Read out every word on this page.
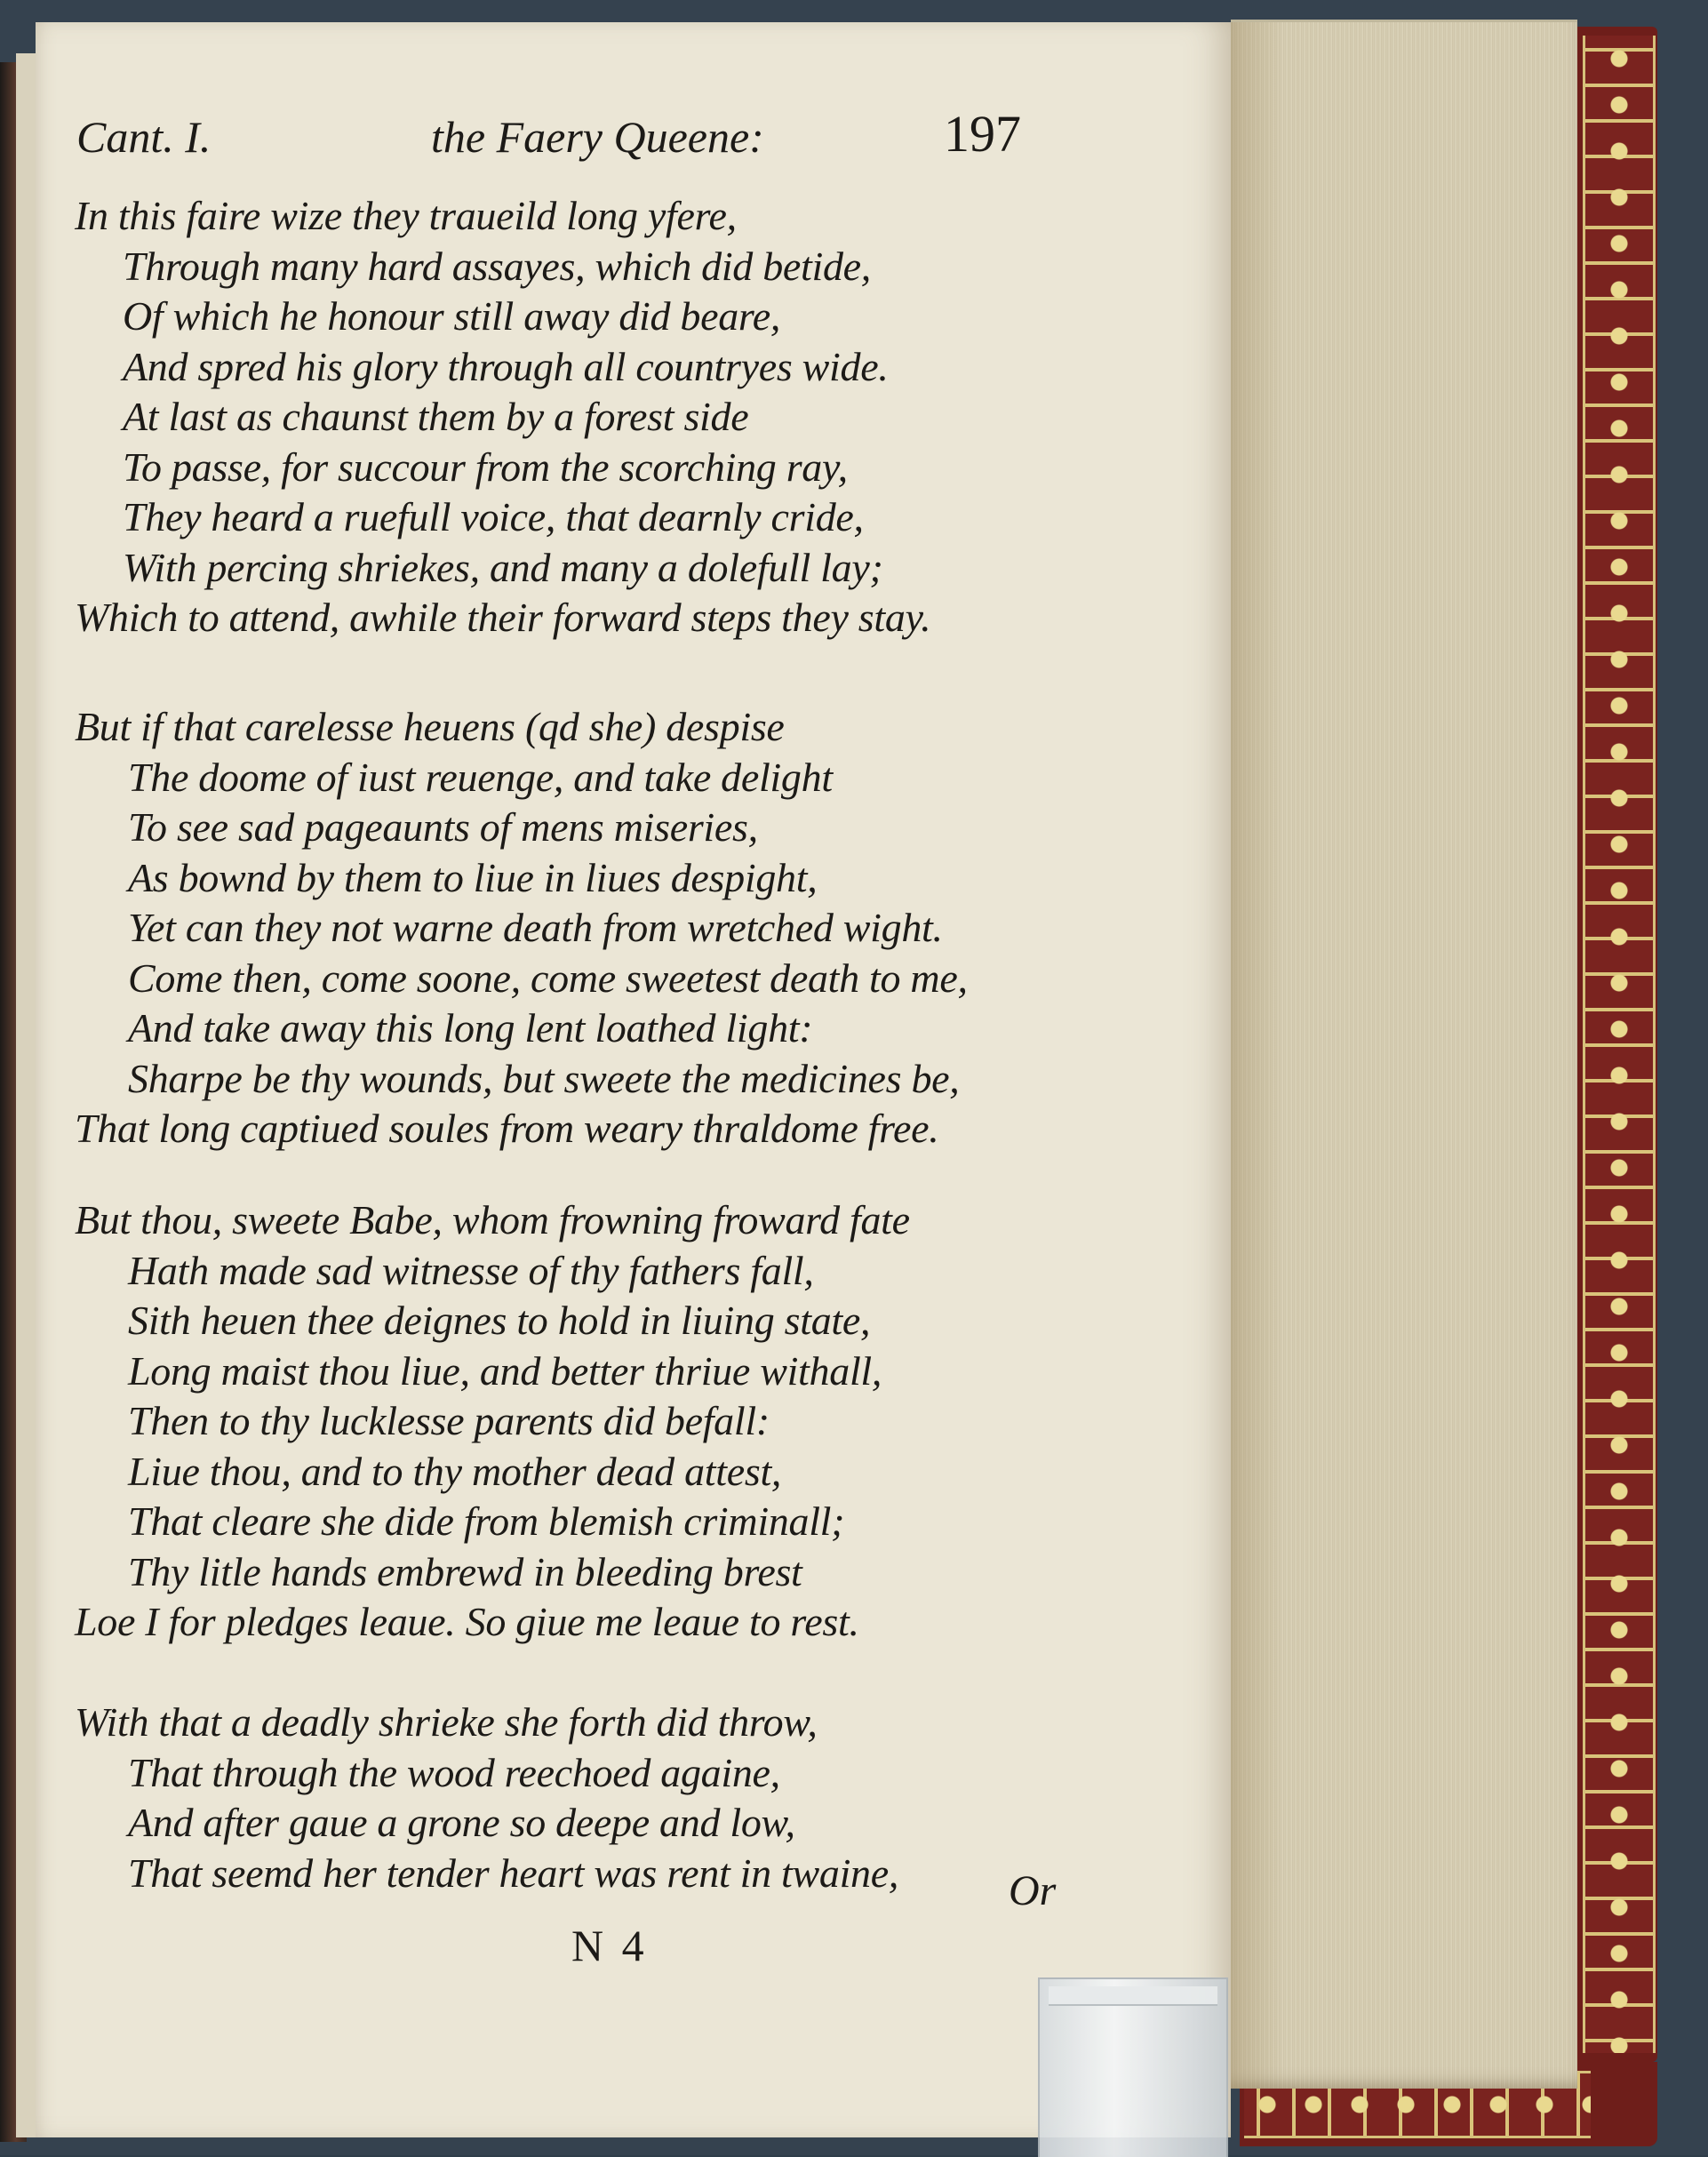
Cant. I.	the Faery Queene:	197
In this faire wize they traueild long yfere,
Through many hard assayes, which did betide,
Of which he honour still away did beare,
And spred his glory through all countryes wide.
At last as chaunst them by a forest side
To passe, for succour from the scorching ray,
They heard a ruefull voice, that dearnly cride,
With percing shriekes, and many a dolefull lay;
Which to attend, awhile their forward steps they stay.
But if that carelesse heuens (qd she) despise
The doome of iust reuenge, and take delight
To see sad pageaunts of mens miseries,
As bownd by them to liue in liues despight,
Yet can they not warne death from wretched wight.
Come then, come soone, come sweetest death to me,
And take away this long lent loathed light:
Sharpe be thy wounds, but sweete the medicines be,
That long captiued soules from weary thraldome free.
But thou, sweete Babe, whom frowning froward fate
Hath made sad witnesse of thy fathers fall,
Sith heuen thee deignes to hold in liuing state,
Long maist thou liue, and better thriue withall,
Then to thy lucklesse parents did befall:
Liue thou, and to thy mother dead attest,
That cleare she dide from blemish criminall;
Thy litle hands embrewd in bleeding brest
Loe I for pledges leaue. So giue me leaue to rest.
With that a deadly shrieke she forth did throw,
That through the wood reechoed againe,
And after gaue a grone so deepe and low,
That seemd her tender heart was rent in twaine,	Or
N 4
